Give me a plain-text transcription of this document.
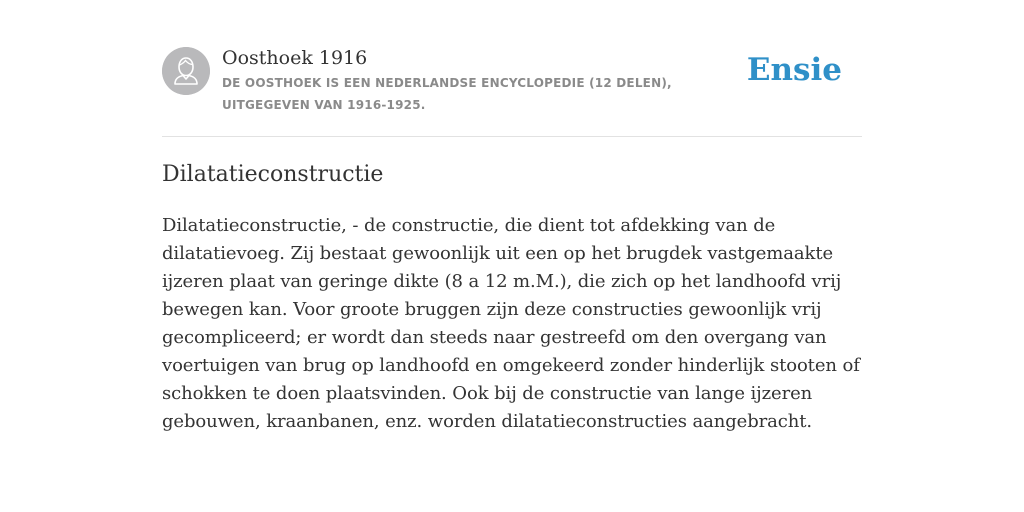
Oosthoek 1916
DE OOSTHOEK IS EEN NEDERLANDSE ENCYCLOPEDIE (12 DELEN), UITGEGEVEN VAN 1916-1925.
Ensie
Dilatatieconstructie

Dilatatieconstructie, - de constructie, die dient tot afdekking van de dilatatievoeg. Zij bestaat gewoonlijk uit een op het brugdek vastgemaakte ijzeren plaat van geringe dikte (8 a 12 m.M.), die zich op het landhoofd vrij bewegen kan. Voor groote bruggen zijn deze constructies gewoonlijk vrij gecompliceerd; er wordt dan steeds naar gestreefd om den overgang van voertuigen van brug op landhoofd en omgekeerd zonder hinderlijk stooten of schokken te doen plaatsvinden. Ook bij de constructie van lange ijzeren gebouwen, kraanbanen, enz. worden dilatatieconstructies aangebracht.
